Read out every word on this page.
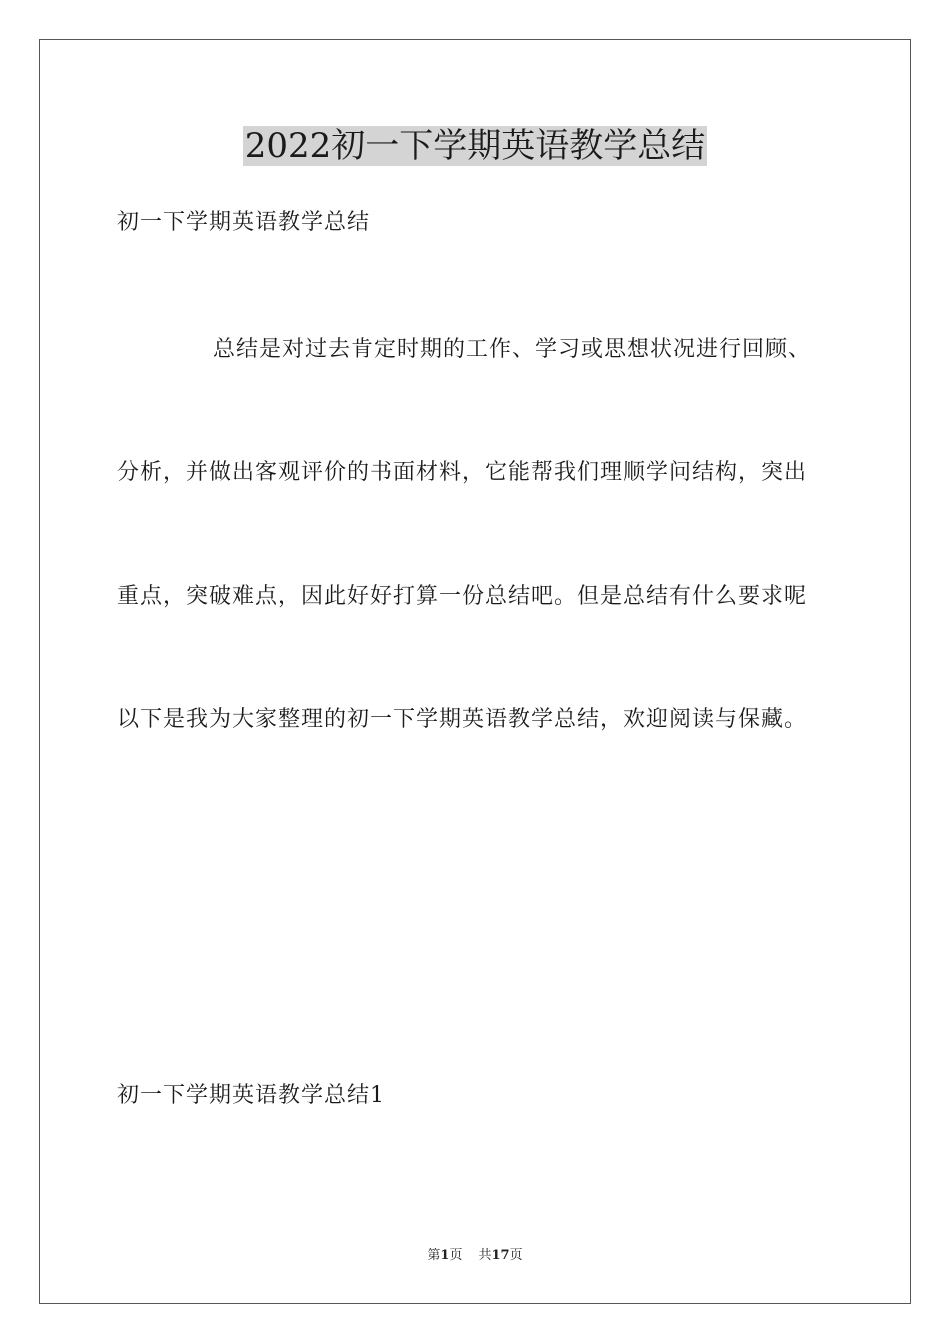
2022初一下学期英语教学总结

初一下学期英语教学总结

总结是对过去肯定时期的工作、学习或思想状况进行回顾、

分析，并做出客观评价的书面材料，它能帮我们理顺学问结构，突出

重点，突破难点，因此好好打算一份总结吧。但是总结有什么要求呢

以下是我为大家整理的初一下学期英语教学总结，欢迎阅读与保藏。

初一下学期英语教学总结1

第1页 共17页
